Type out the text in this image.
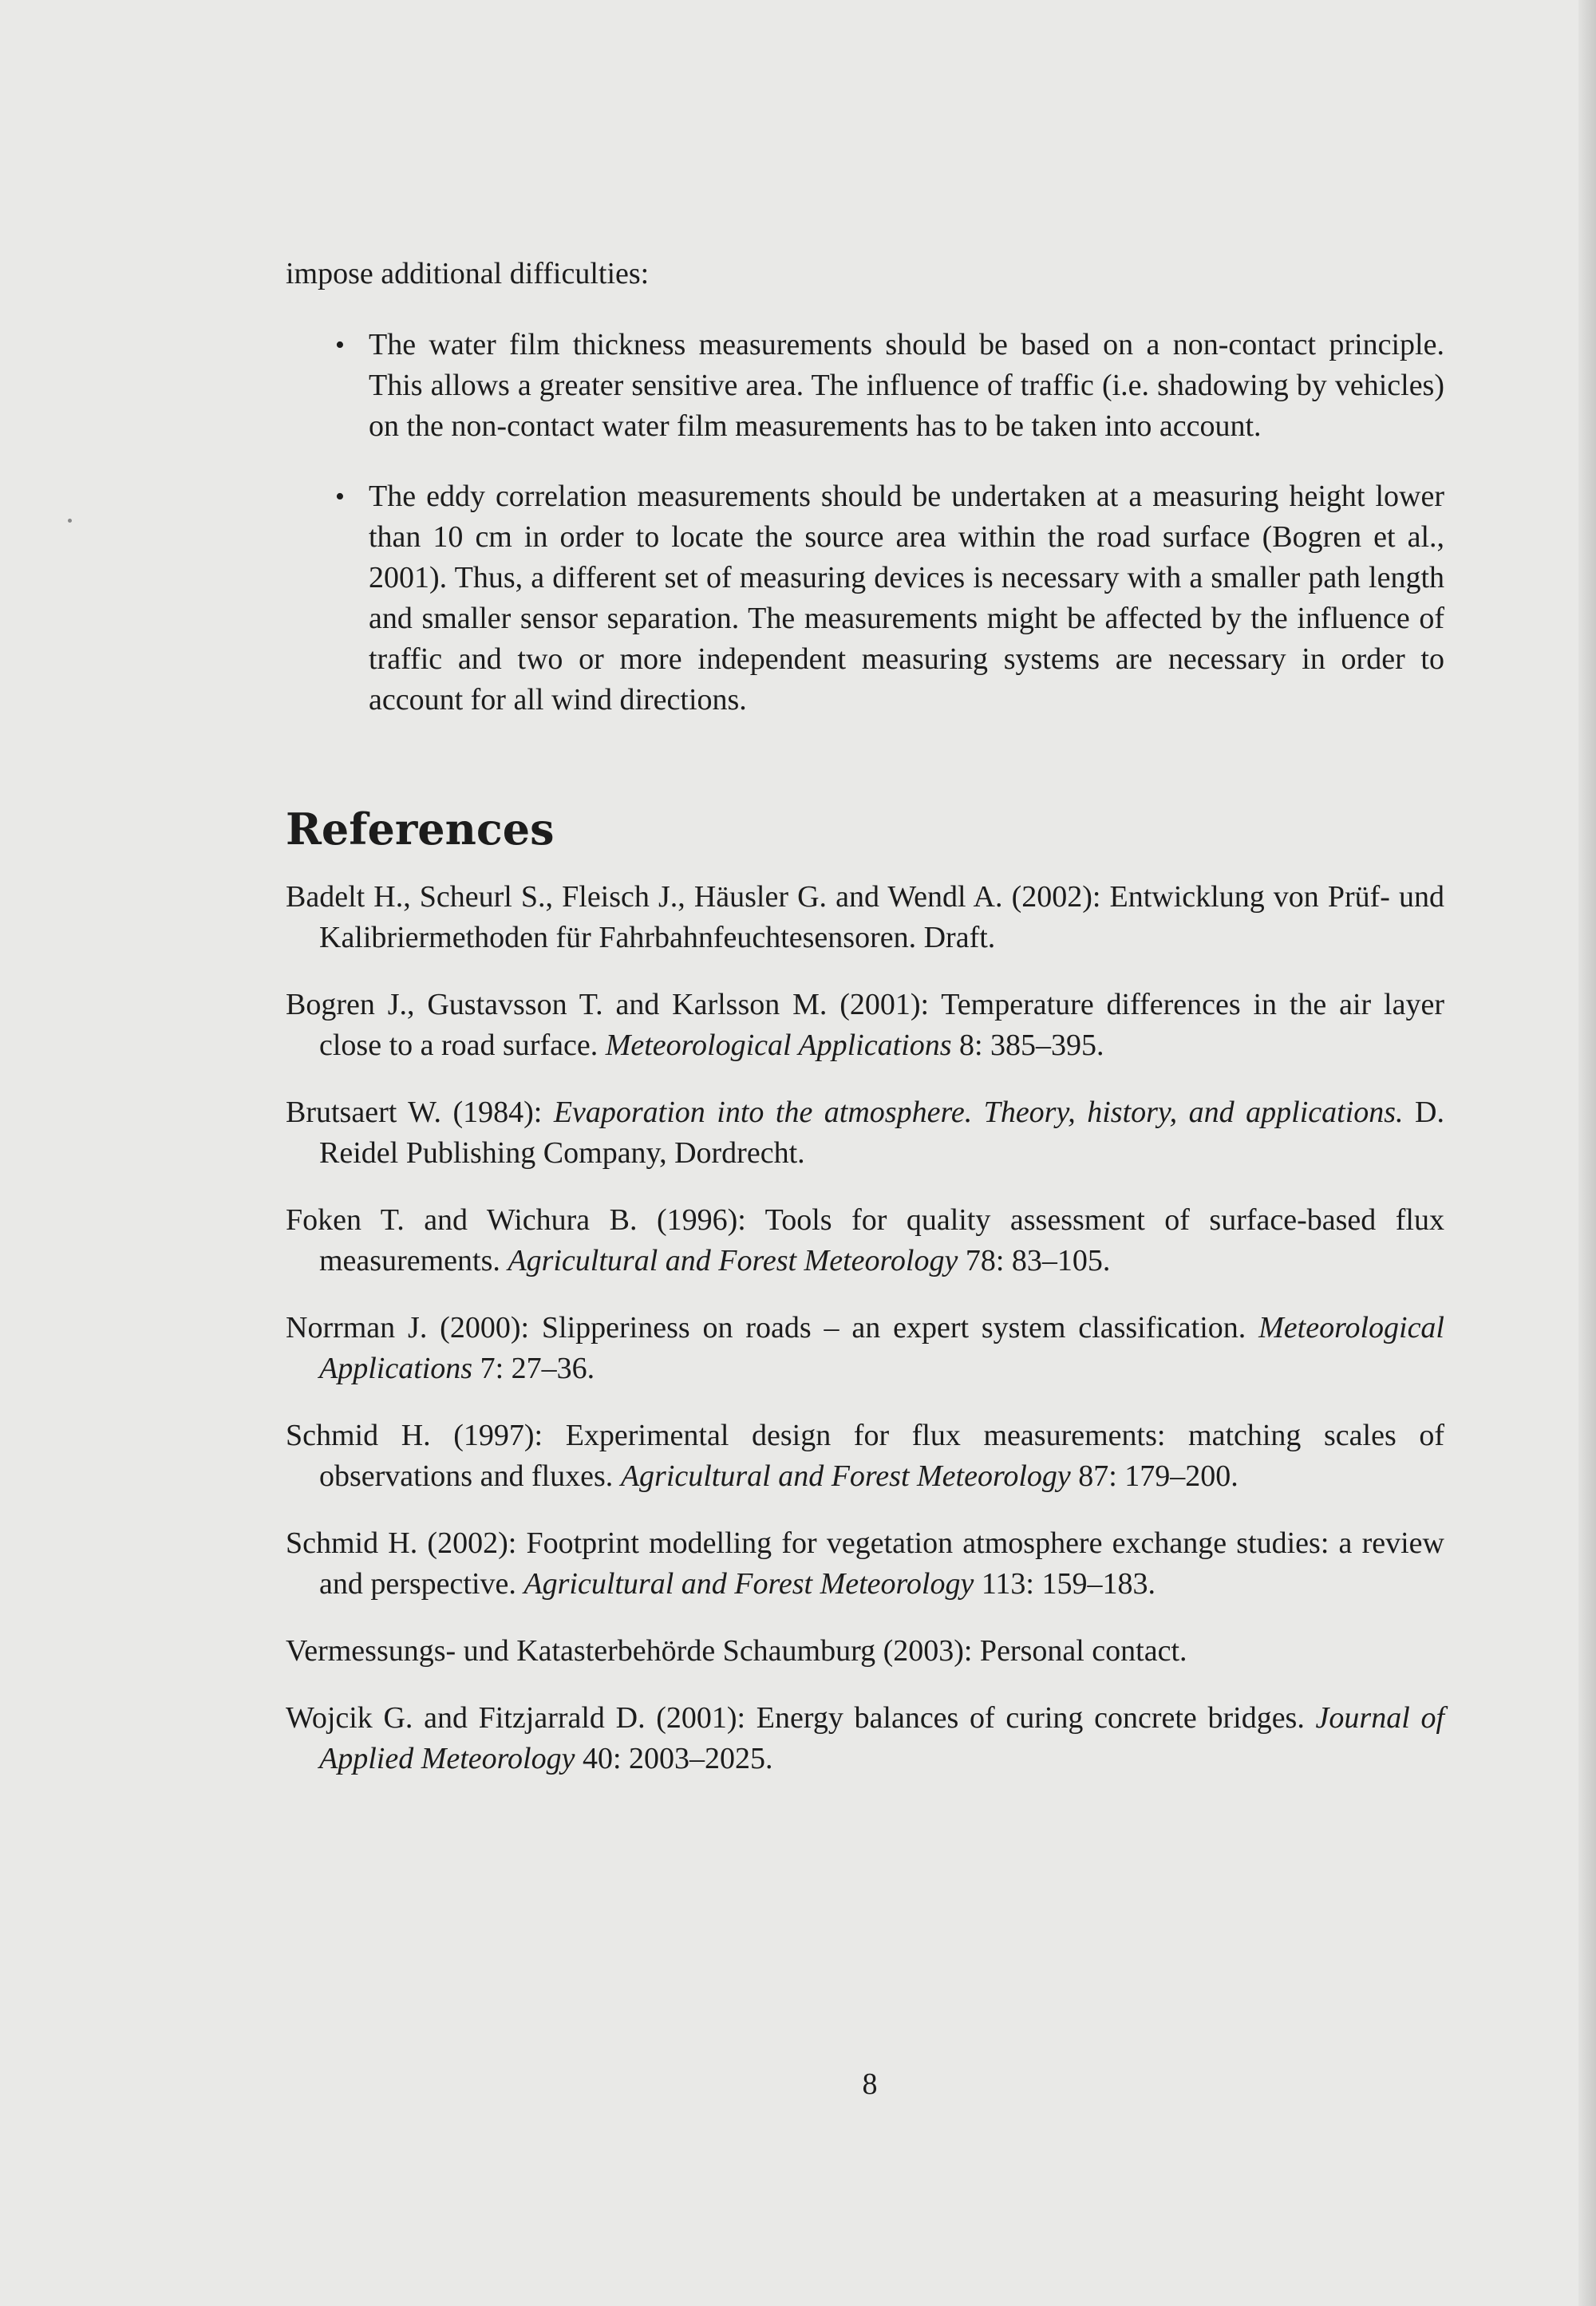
impose additional difficulties:

• The water film thickness measurements should be based on a non-contact principle. This allows a greater sensitive area. The influence of traffic (i.e. shadowing by vehicles) on the non-contact water film measurements has to be taken into account.
• The eddy correlation measurements should be undertaken at a measuring height lower than 10 cm in order to locate the source area within the road surface (Bogren et al., 2001). Thus, a different set of measuring devices is necessary with a smaller path length and smaller sensor separation. The measurements might be affected by the influence of traffic and two or more independent measuring systems are necessary in order to account for all wind directions.
References

Badelt H., Scheurl S., Fleisch J., Häusler G. and Wendl A. (2002): Entwicklung von Prüf- und Kalibriermethoden für Fahrbahnfeuchtesensoren. Draft.

Bogren J., Gustavsson T. and Karlsson M. (2001): Temperature differences in the air layer close to a road surface. Meteorological Applications 8: 385–395.

Brutsaert W. (1984): Evaporation into the atmosphere. Theory, history, and applications. D. Reidel Publishing Company, Dordrecht.

Foken T. and Wichura B. (1996): Tools for quality assessment of surface-based flux measurements. Agricultural and Forest Meteorology 78: 83–105.

Norrman J. (2000): Slipperiness on roads – an expert system classification. Meteorological Applications 7: 27–36.

Schmid H. (1997): Experimental design for flux measurements: matching scales of observations and fluxes. Agricultural and Forest Meteorology 87: 179–200.

Schmid H. (2002): Footprint modelling for vegetation atmosphere exchange studies: a review and perspective. Agricultural and Forest Meteorology 113: 159–183.

Vermessungs- und Katasterbehörde Schaumburg (2003): Personal contact.

Wojcik G. and Fitzjarrald D. (2001): Energy balances of curing concrete bridges. Journal of Applied Meteorology 40: 2003–2025.

8
